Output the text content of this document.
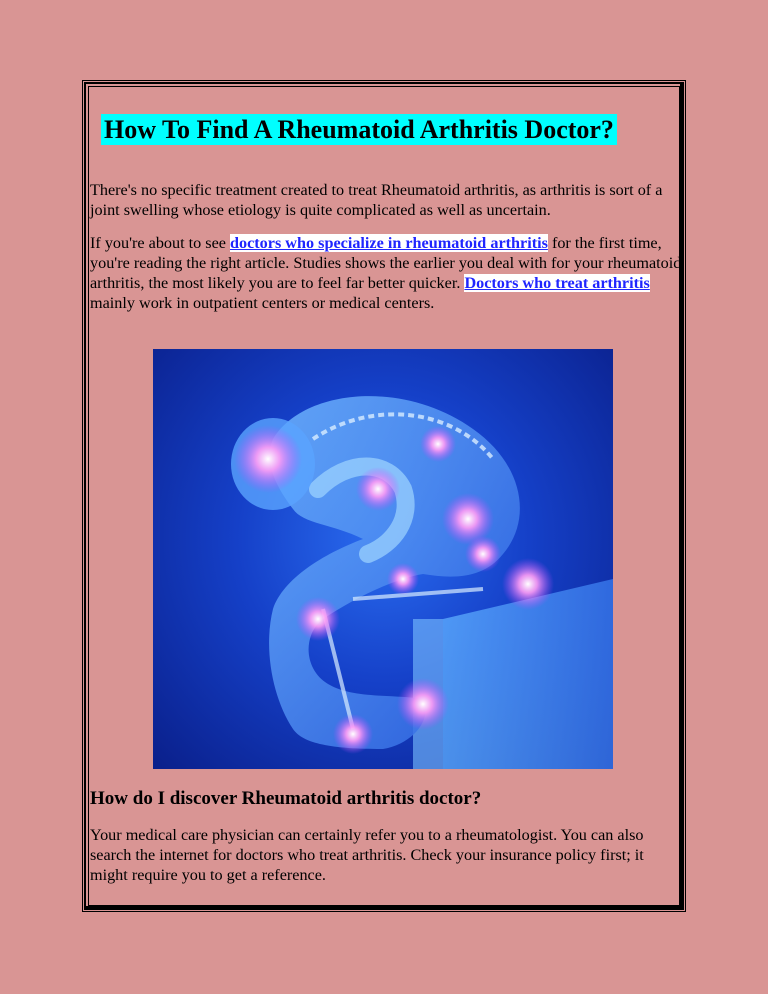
How To Find A Rheumatoid Arthritis Doctor?

There's no specific treatment created to treat Rheumatoid arthritis, as arthritis is sort of a joint swelling whose etiology is quite complicated as well as uncertain.

If you're about to see doctors who specialize in rheumatoid arthritis for the first time, you're reading the right article. Studies shows the earlier you deal with for your rheumatoid arthritis, the most likely you are to feel far better quicker. Doctors who treat arthritis mainly work in outpatient centers or medical centers.

How do I discover Rheumatoid arthritis doctor?

Your medical care physician can certainly refer you to a rheumatologist. You can also search the internet for doctors who treat arthritis. Check your insurance policy first; it might require you to get a reference.
